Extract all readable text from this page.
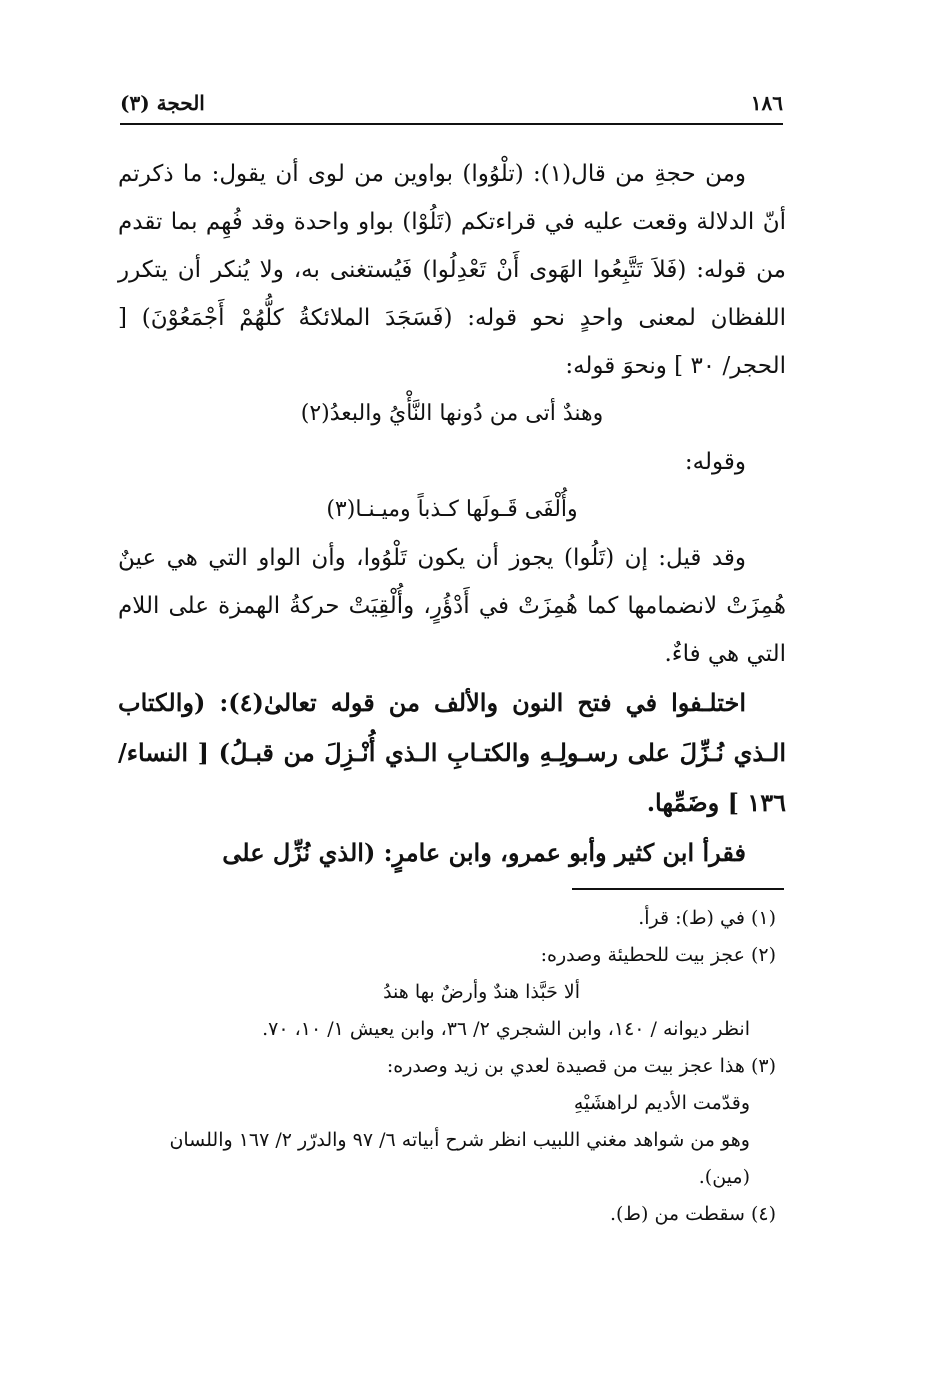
١٨٦
الحجة (٣)

ومن حجةِ من قال(١): (تلْوُوا) بواوين من لوى أن يقول: ما ذكرتم أنّ الدلالة وقعت عليه في قراءتكم (تَلُوْا) بواو واحدة وقد فُهِم بما تقدم من قوله: (فَلاَ تَتَّبِعُوا الهَوى أَنْ تَعْدِلُوا) فَيُستغنى به، ولا يُنكر أن يتكرر اللفظان لمعنى واحدٍ نحو قوله: (فَسَجَدَ الملائكةُ كلُّهُمْ أَجْمَعُوْنَ) [ الحجر/ ٣٠ ] ونحوَ قوله:

وهندٌ أتى من دُونها النَّأْيُ والبعدُ(٢)

وقوله:

وأُلْفَى قَـولَها كـذباً وميـنـا(٣)

وقد قيل: إن (تَلُوا) يجوز أن يكون تَلْوُوا، وأن الواو التي هي عينٌ هُمِزَتْ لانضمامها كما هُمِزَتْ في أَدْؤُرٍ، وأُلْقِيَتْ حركةُ الهمزة على اللام التي هي فاءٌ.

اختلـفوا في فتح النون والألف من قوله تعالىٰ(٤): (والكتاب الـذي نُـزِّلَ على رسـولِـهِ والكتـابِ الـذي أُنْـزِلَ من قبـلُ) [ النساء/ ١٣٦ ] وضَمِّها.

فقرأ ابن كثير وأبو عمرو، وابن عامرٍ: (الذي نُزِّل على

(١) في (ط): قرأ.

(٢) عجز بيت للحطيئة وصدره:

ألا حَبَّذا هندٌ وأرضٌ بها هندُ

انظر ديوانه / ١٤٠، وابن الشجري ٢/ ٣٦، وابن يعيش ١/ ١٠، ٧٠.

(٣) هذا عجز بيت من قصيدة لعدي بن زيد وصدره:

وقدّمت الأديم لراهشَيْهِ

وهو من شواهد مغني اللبيب انظر شرح أبياته ٦/ ٩٧ والدرّر ٢/ ١٦٧ واللسان (مين).

(٤) سقطت من (ط).
